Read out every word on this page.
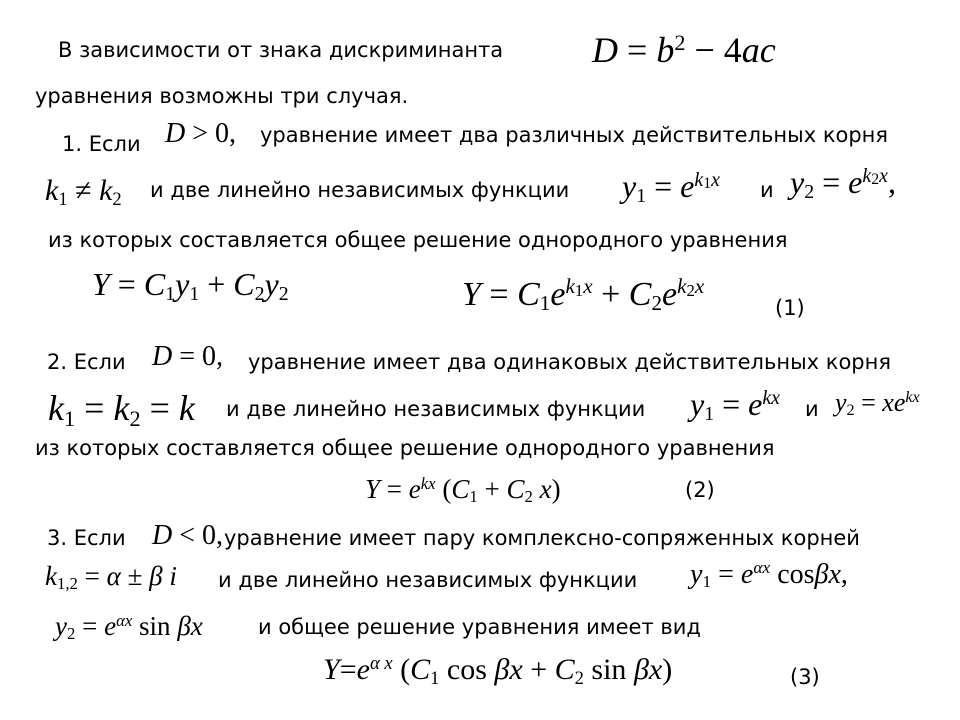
В зависимости от знака дискриминанта $D = b^2 - 4ac$
уравнения возможны три случая.
1. Если D > 0, уравнение имеет два различных действительных корня
$k_1 \ne k_2$ и две линейно независимых функции $y_1 = e^{k_1x}$ и $y_2 = e^{k_2x}$,
из которых составляется общее решение однородного уравнения
$Y = C_1y_1 + C_2y_2$	$Y = C_1e^{k_1x} + C_2e^{k_2x}$
(1)
2. Если D = 0, уравнение имеет два одинаковых действительных корня
$k_1 = k_2 = k$ и две линейно независимых функции $y_1 = e^{kx}$ и $y_2 = xe^{kx}$
из которых составляется общее решение однородного уравнения
$Y = e^{kx}$ ($C_1 + C_2$ x)	(2)
3. Если D < 0, уравнение имеет пару комплексно-сопряженных корней
$k_{1,2} = \alpha \pm \beta$ i и две линейно независимых функции $y_1 = e^{\alpha x}$ cosβx,
$y_2 = e^{\alpha x}$ sin βx	и общее решение уравнения имеет вид
$Y=e^{\alpha x}$ ($C_1$ $\cos \beta x + C_2$ sin βx)	(3)
